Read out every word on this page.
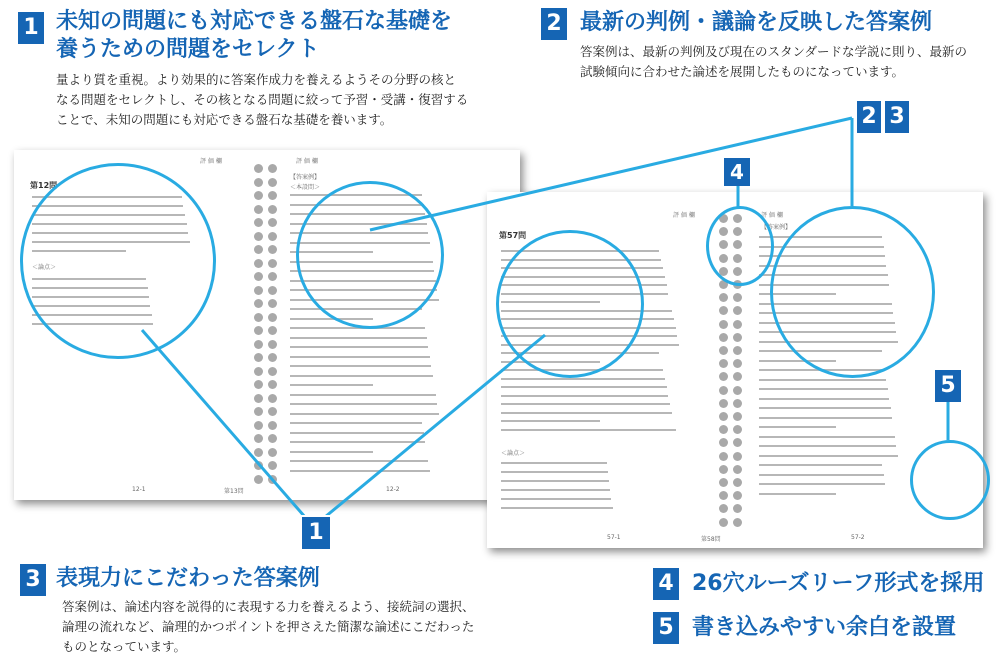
1 未知の問題にも対応できる盤石な基礎を
養うための問題をセレクト
量より質を重視。より効果的に答案作成力を養えるようその分野の核と
なる問題をセレクトし、その核となる問題に絞って予習・受講・復習する
ことで、未知の問題にも対応できる盤石な基礎を養います。
2 最新の判例・議論を反映した答案例
答案例は、最新の判例及び現在のスタンダードな学説に則り、最新の
試験傾向に合わせた論述を展開したものになっています。
第12問
評 価 欄	評 価 欄
【答案例】
＜本設問＞
＜論点＞
12-1	第13問	12-2
第57問
評 価 欄	評 価 欄
【答案例】
＜論点＞
57-1	第58問	57-2
1
2 3
4
5
3 表現力にこだわった答案例
答案例は、論述内容を説得的に表現する力を養えるよう、接続詞の選択、
論理の流れなど、論理的かつポイントを押さえた簡潔な論述にこだわった
ものとなっています。
4 26穴ルーズリーフ形式を採用
5 書き込みやすい余白を設置
